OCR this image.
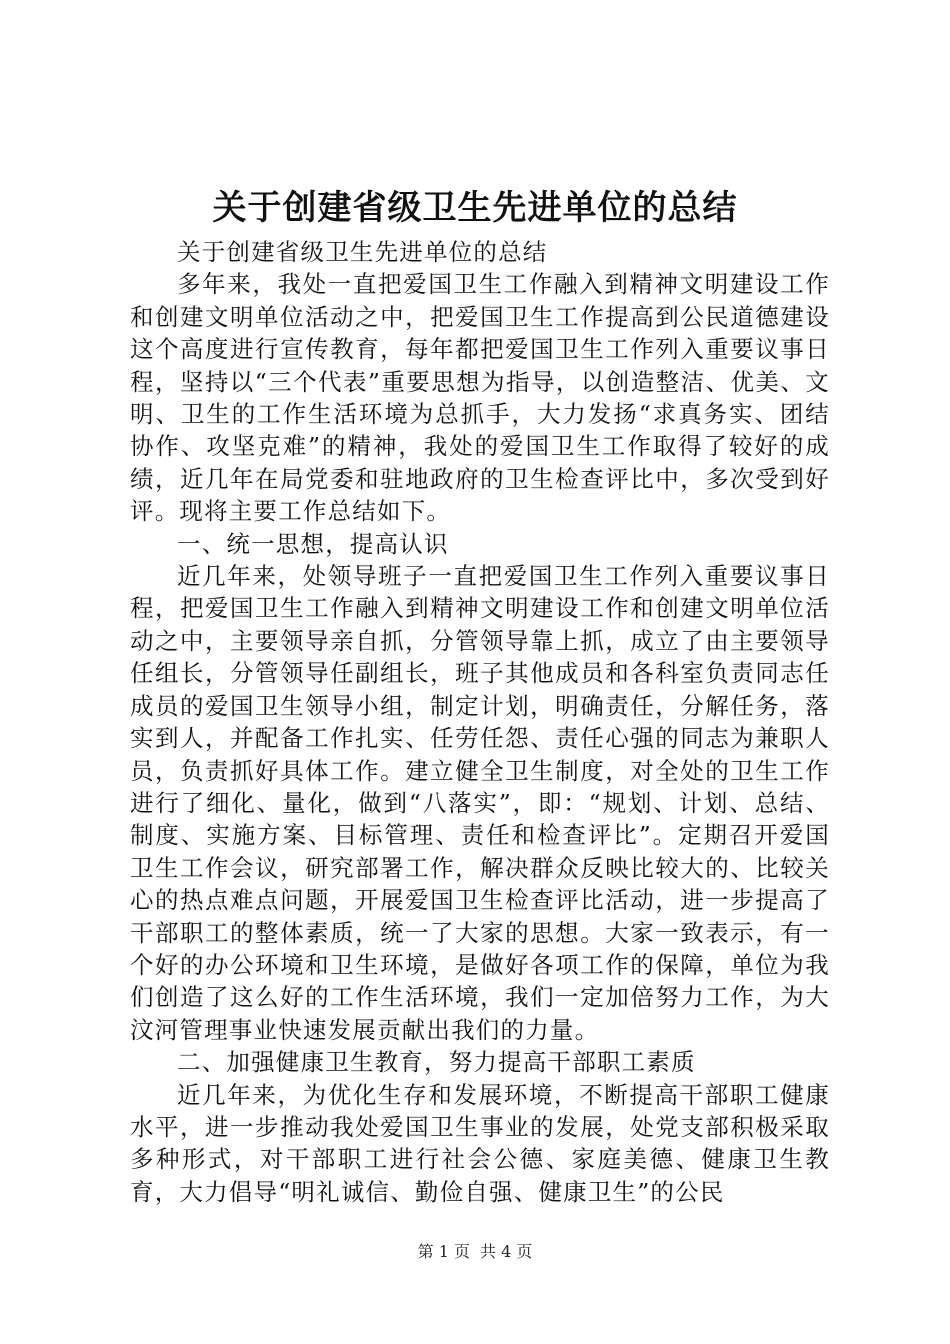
关于创建省级卫生先进单位的总结

关于创建省级卫生先进单位的总结

多年来，我处一直把爱国卫生工作融入到精神文明建设工作和创建文明单位活动之中，把爱国卫生工作提高到公民道德建设这个高度进行宣传教育，每年都把爱国卫生工作列入重要议事日程，坚持以“三个代表”重要思想为指导，以创造整洁、优美、文明、卫生的工作生活环境为总抓手，大力发扬“求真务实、团结协作、攻坚克难”的精神，我处的爱国卫生工作取得了较好的成绩，近几年在局党委和驻地政府的卫生检查评比中，多次受到好评。现将主要工作总结如下。

一、统一思想，提高认识

近几年来，处领导班子一直把爱国卫生工作列入重要议事日程，把爱国卫生工作融入到精神文明建设工作和创建文明单位活动之中，主要领导亲自抓，分管领导靠上抓，成立了由主要领导任组长，分管领导任副组长，班子其他成员和各科室负责同志任成员的爱国卫生领导小组，制定计划，明确责任，分解任务，落实到人，并配备工作扎实、任劳任怨、责任心强的同志为兼职人员，负责抓好具体工作。建立健全卫生制度，对全处的卫生工作进行了细化、量化，做到“八落实”，即：“规划、计划、总结、制度、实施方案、目标管理、责任和检查评比”。定期召开爱国卫生工作会议，研究部署工作，解决群众反映比较大的、比较关心的热点难点问题，开展爱国卫生检查评比活动，进一步提高了干部职工的整体素质，统一了大家的思想。大家一致表示，有一个好的办公环境和卫生环境，是做好各项工作的保障，单位为我们创造了这么好的工作生活环境，我们一定加倍努力工作，为大汶河管理事业快速发展贡献出我们的力量。

二、加强健康卫生教育，努力提高干部职工素质

近几年来，为优化生存和发展环境，不断提高干部职工健康水平，进一步推动我处爱国卫生事业的发展，处党支部积极采取多种形式，对干部职工进行社会公德、家庭美德、健康卫生教育，大力倡导“明礼诚信、勤俭自强、健康卫生”的公民

第 1 页 共 4 页
